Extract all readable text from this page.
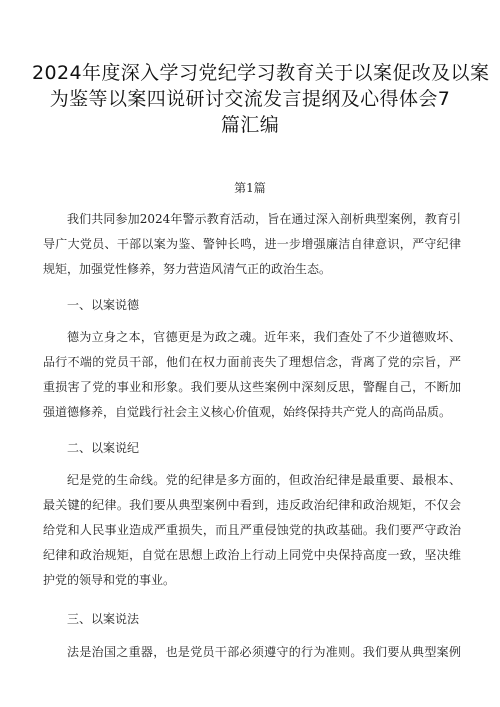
2024年度深入学习党纪学习教育关于以案促改及以案
为鉴等以案四说研讨交流发言提纲及心得体会7
篇汇编
第1篇
我们共同参加2024年警示教育活动，旨在通过深入剖析典型案例，教育引
导广大党员、干部以案为鉴、警钟长鸣，进一步增强廉洁自律意识，严守纪律
规矩，加强党性修养，努力营造风清气正的政治生态。
一、以案说德
德为立身之本，官德更是为政之魂。近年来，我们查处了不少道德败坏、
品行不端的党员干部，他们在权力面前丧失了理想信念，背离了党的宗旨，严
重损害了党的事业和形象。我们要从这些案例中深刻反思，警醒自己，不断加
强道德修养，自觉践行社会主义核心价值观，始终保持共产党人的高尚品质。
二、以案说纪
纪是党的生命线。党的纪律是多方面的，但政治纪律是最重要、最根本、
最关键的纪律。我们要从典型案例中看到，违反政治纪律和政治规矩，不仅会
给党和人民事业造成严重损失，而且严重侵蚀党的执政基础。我们要严守政治
纪律和政治规矩，自觉在思想上政治上行动上同党中央保持高度一致，坚决维
护党的领导和党的事业。
三、以案说法
法是治国之重器，也是党员干部必须遵守的行为准则。我们要从典型案例
